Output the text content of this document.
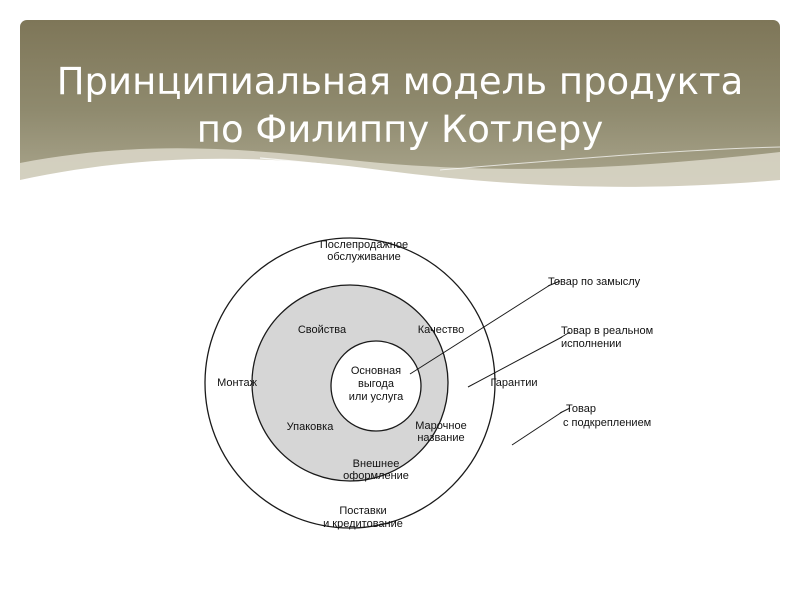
Принципиальная модель продукта
по Филиппу Котлеру
Послепродажное
обслуживание
Монтаж	Гарантии
Поставки
и кредитование
Свойства	Качество
Упаковка	Марочное
название
Внешнее
оформление
Основная
выгода
или услуга
Товар по замыслу
Товар в реальном
исполнении
Товар
с подкреплением
